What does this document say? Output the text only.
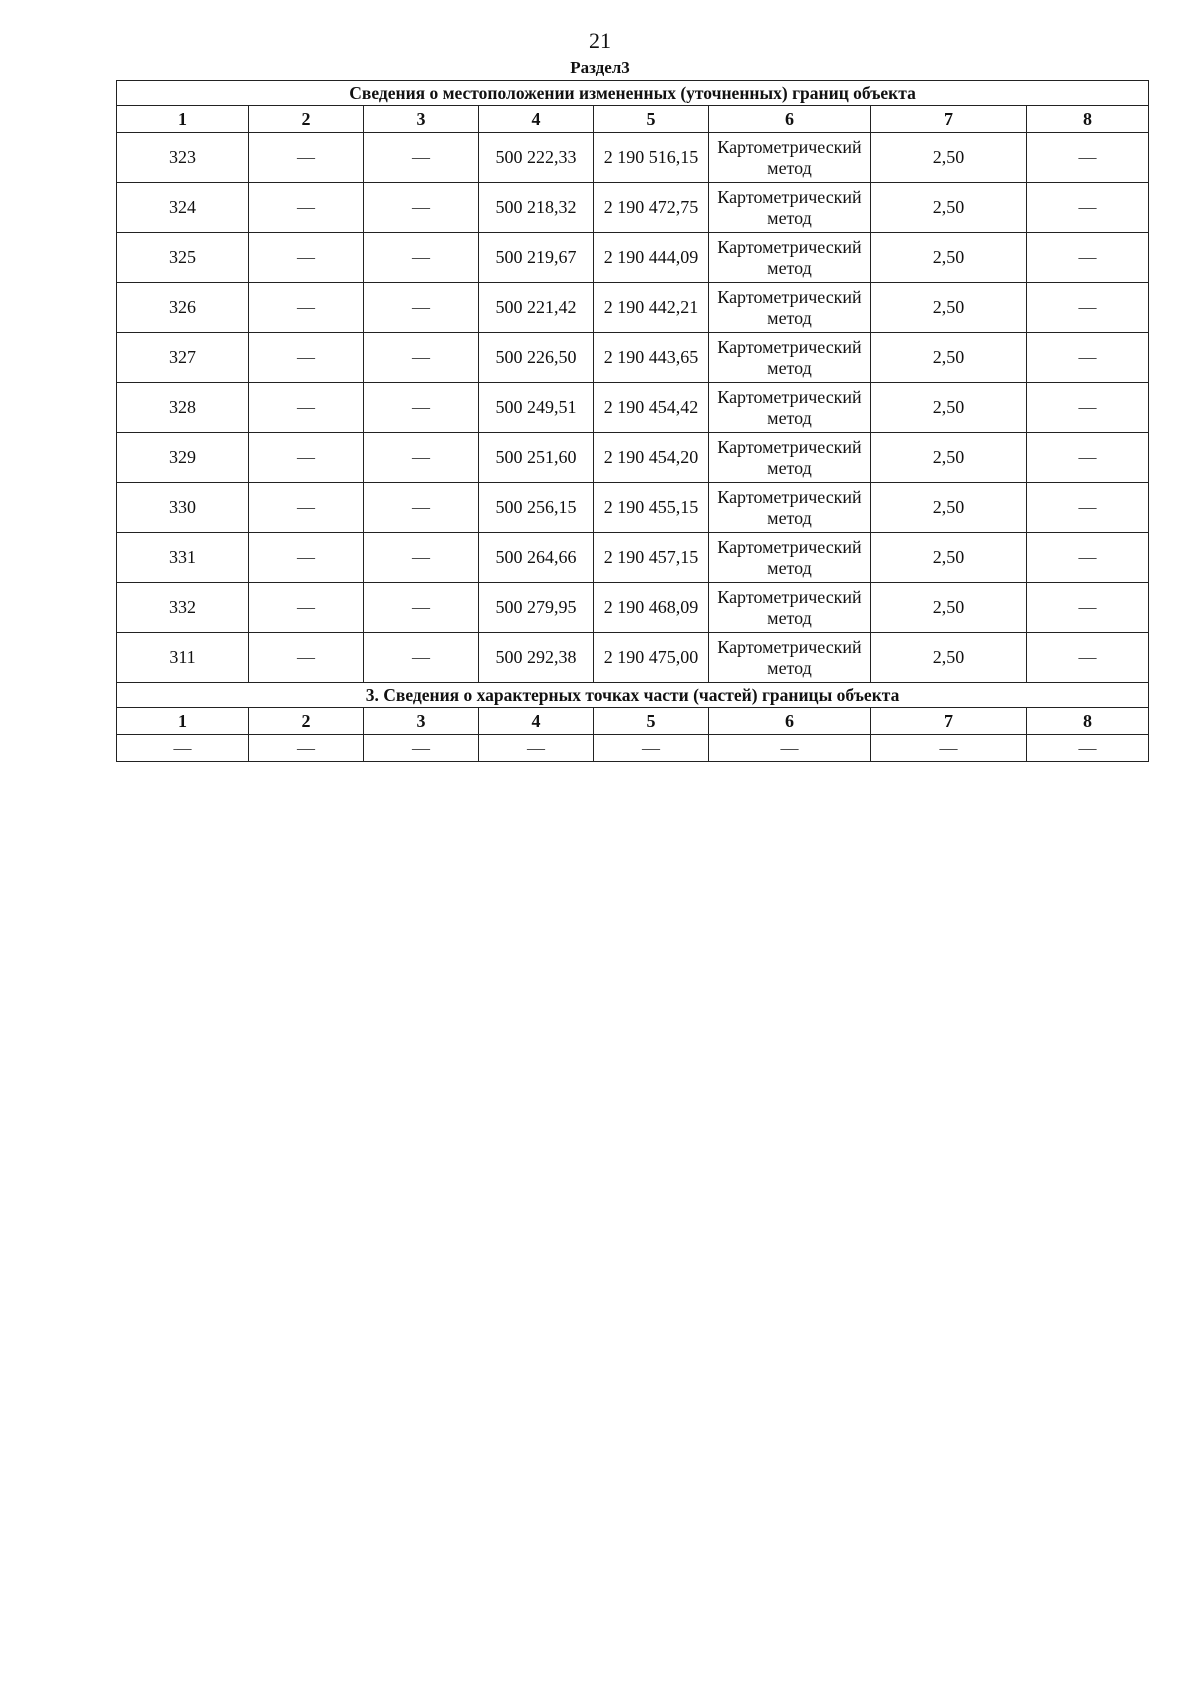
21
Раздел3
Сведения о местоположении измененных (уточненных) границ объекта							
1	2	3	4	5	6	7	8
323	—	—	500 222,33	2 190 516,15	Картометрический метод	2,50	—
324	—	—	500 218,32	2 190 472,75	Картометрический метод	2,50	—
325	—	—	500 219,67	2 190 444,09	Картометрический метод	2,50	—
326	—	—	500 221,42	2 190 442,21	Картометрический метод	2,50	—
327	—	—	500 226,50	2 190 443,65	Картометрический метод	2,50	—
328	—	—	500 249,51	2 190 454,42	Картометрический метод	2,50	—
329	—	—	500 251,60	2 190 454,20	Картометрический метод	2,50	—
330	—	—	500 256,15	2 190 455,15	Картометрический метод	2,50	—
331	—	—	500 264,66	2 190 457,15	Картометрический метод	2,50	—
332	—	—	500 279,95	2 190 468,09	Картометрический метод	2,50	—
311	—	—	500 292,38	2 190 475,00	Картометрический метод	2,50	—
3. Сведения о характерных точках части (частей) границы объекта							
1	2	3	4	5	6	7	8
—	—	—	—	—	—	—	—
